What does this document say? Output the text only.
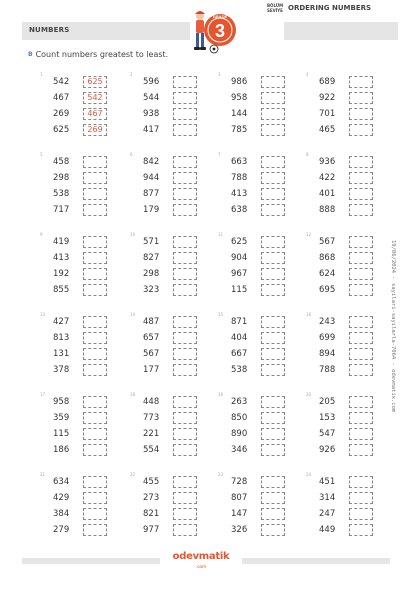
NUMBERS
BÖLÜM SEVİYE ORDERING NUMBERS
3
GRADE
B Count numbers greatest to least.
1
542	625
467	542
269	467
625	269
2
596
544
938
417
3
986
958
144
785
4
689
922
701
465
5
458
298
538
717
6
842
944
877
179
7
663
788
413
638
8
936
422
401
888
9
419
413
192
855
10
571
827
298
323
11
625
904
967
115
12
567
868
624
695
13
427
813
131
378
14
487
657
567
177
15
871
404
667
538
16
243
699
894
788
17
958
359
115
186
18
448
773
221
554
19
263
850
890
346
20
205
153
547
926
21
634
429
384
279
22
455
273
821
977
23
728
807
147
326
24
451
314
247
449
odevmatik
.com
19/06/2024 - sayilari-sayilarla-7064 - odevmatix.com
